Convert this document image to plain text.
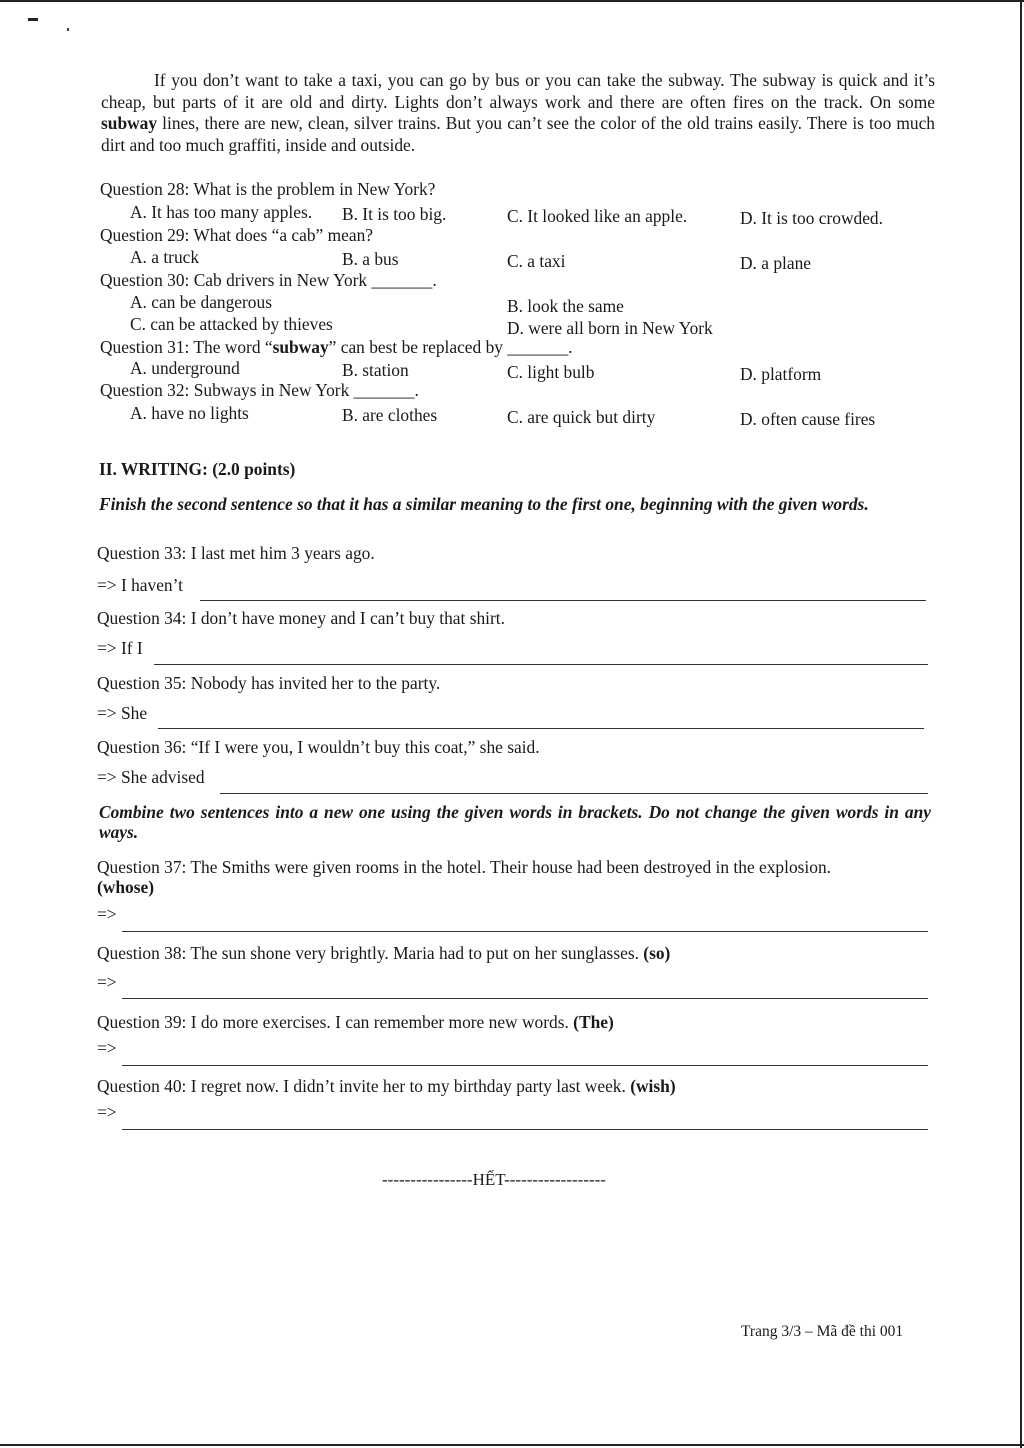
If you don’t want to take a taxi, you can go by bus or you can take the subway. The subway is quick and it’s cheap, but parts of it are old and dirty. Lights don’t always work and there are often fires on the track. On some subway lines, there are new, clean, silver trains. But you can’t see the color of the old trains easily. There is too much dirt and too much graffiti, inside and outside.

Question 28: What is the problem in New York?

A. It has too many apples. B. It is too big.	C. It looked like an apple.	D. It is too crowded.

Question 29: What does “a cab” mean?

A. a truck	B. a bus	C. a taxi	D. a plane

Question 30: Cab drivers in New York _______.

A. can be dangerous	B. look the same

C. can be attacked by thieves	D. were all born in New York

Question 31: The word “subway” can best be replaced by _______.

A. underground	B. station	C. light bulb	D. platform

Question 32: Subways in New York _______.

A. have no lights	B. are clothes	C. are quick but dirty	D. often cause fires

II. WRITING: (2.0 points)

Finish the second sentence so that it has a similar meaning to the first one, beginning with the given words.

Question 33: I last met him 3 years ago.

=> I haven’t

Question 34: I don’t have money and I can’t buy that shirt.

=> If I

Question 35: Nobody has invited her to the party.

=> She

Question 36: “If I were you, I wouldn’t buy this coat,” she said.

=> She advised

Combine two sentences into a new one using the given words in brackets. Do not change the given words in any ways.

Question 37: The Smiths were given rooms in the hotel. Their house had been destroyed in the explosion.
(whose)

=>

Question 38: The sun shone very brightly. Maria had to put on her sunglasses. (so)

=>

Question 39: I do more exercises. I can remember more new words. (The)

=>

Question 40: I regret now. I didn’t invite her to my birthday party last week. (wish)

=>

----------------HẾT------------------
Trang 3/3 – Mã đề thi 001
